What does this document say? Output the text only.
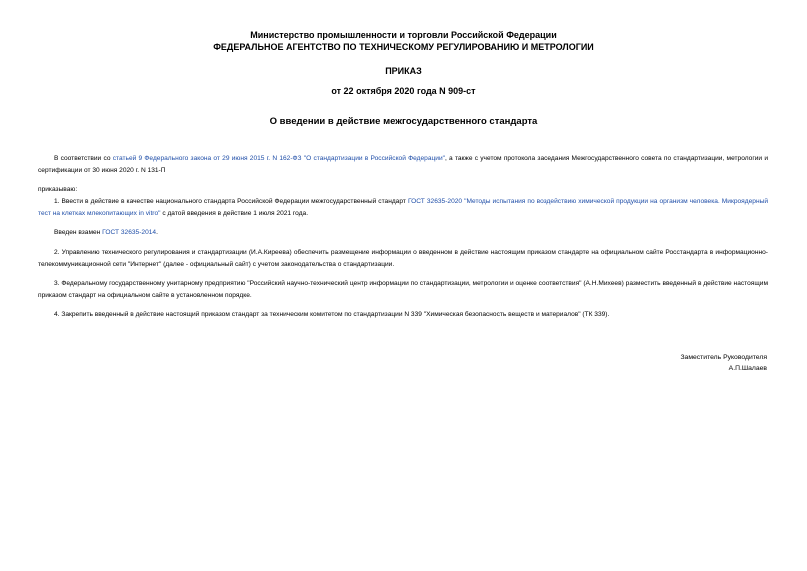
Министерство промышленности и торговли Российской Федерации
ФЕДЕРАЛЬНОЕ АГЕНТСТВО ПО ТЕХНИЧЕСКОМУ РЕГУЛИРОВАНИЮ И МЕТРОЛОГИИ
ПРИКАЗ
от 22 октября 2020 года N 909-ст
О введении в действие межгосударственного стандарта
В соответствии со статьей 9 Федерального закона от 29 июня 2015 г. N 162-ФЗ "О стандартизации в Российской Федерации", а также с учетом протокола заседания Межгосударственного совета по стандартизации, метрологии и сертификации от 30 июня 2020 г. N 131-П
приказываю:
1. Ввести в действие в качестве национального стандарта Российской Федерации межгосударственный стандарт ГОСТ 32635-2020 "Методы испытания по воздействию химической продукции на организм человека. Микроядерный тест на клетках млекопитающих in vitro" с датой введения в действие 1 июля 2021 года.
Введен взамен ГОСТ 32635-2014.
2. Управлению технического регулирования и стандартизации (И.А.Киреева) обеспечить размещение информации о введенном в действие настоящим приказом стандарте на официальном сайте Росстандарта в информационно-телекоммуникационной сети "Интернет" (далее - официальный сайт) с учетом законодательства о стандартизации.
3. Федеральному государственному унитарному предприятию "Российский научно-технический центр информации по стандартизации, метрологии и оценке соответствия" (А.Н.Михеев) разместить введенный в действие настоящим приказом стандарт на официальном сайте в установленном порядке.
4. Закрепить введенный в действие настоящий приказом стандарт за техническим комитетом по стандартизации N 339 "Химическая безопасность веществ и материалов" (ТК 339).
Заместитель Руководителя
А.П.Шалаев
